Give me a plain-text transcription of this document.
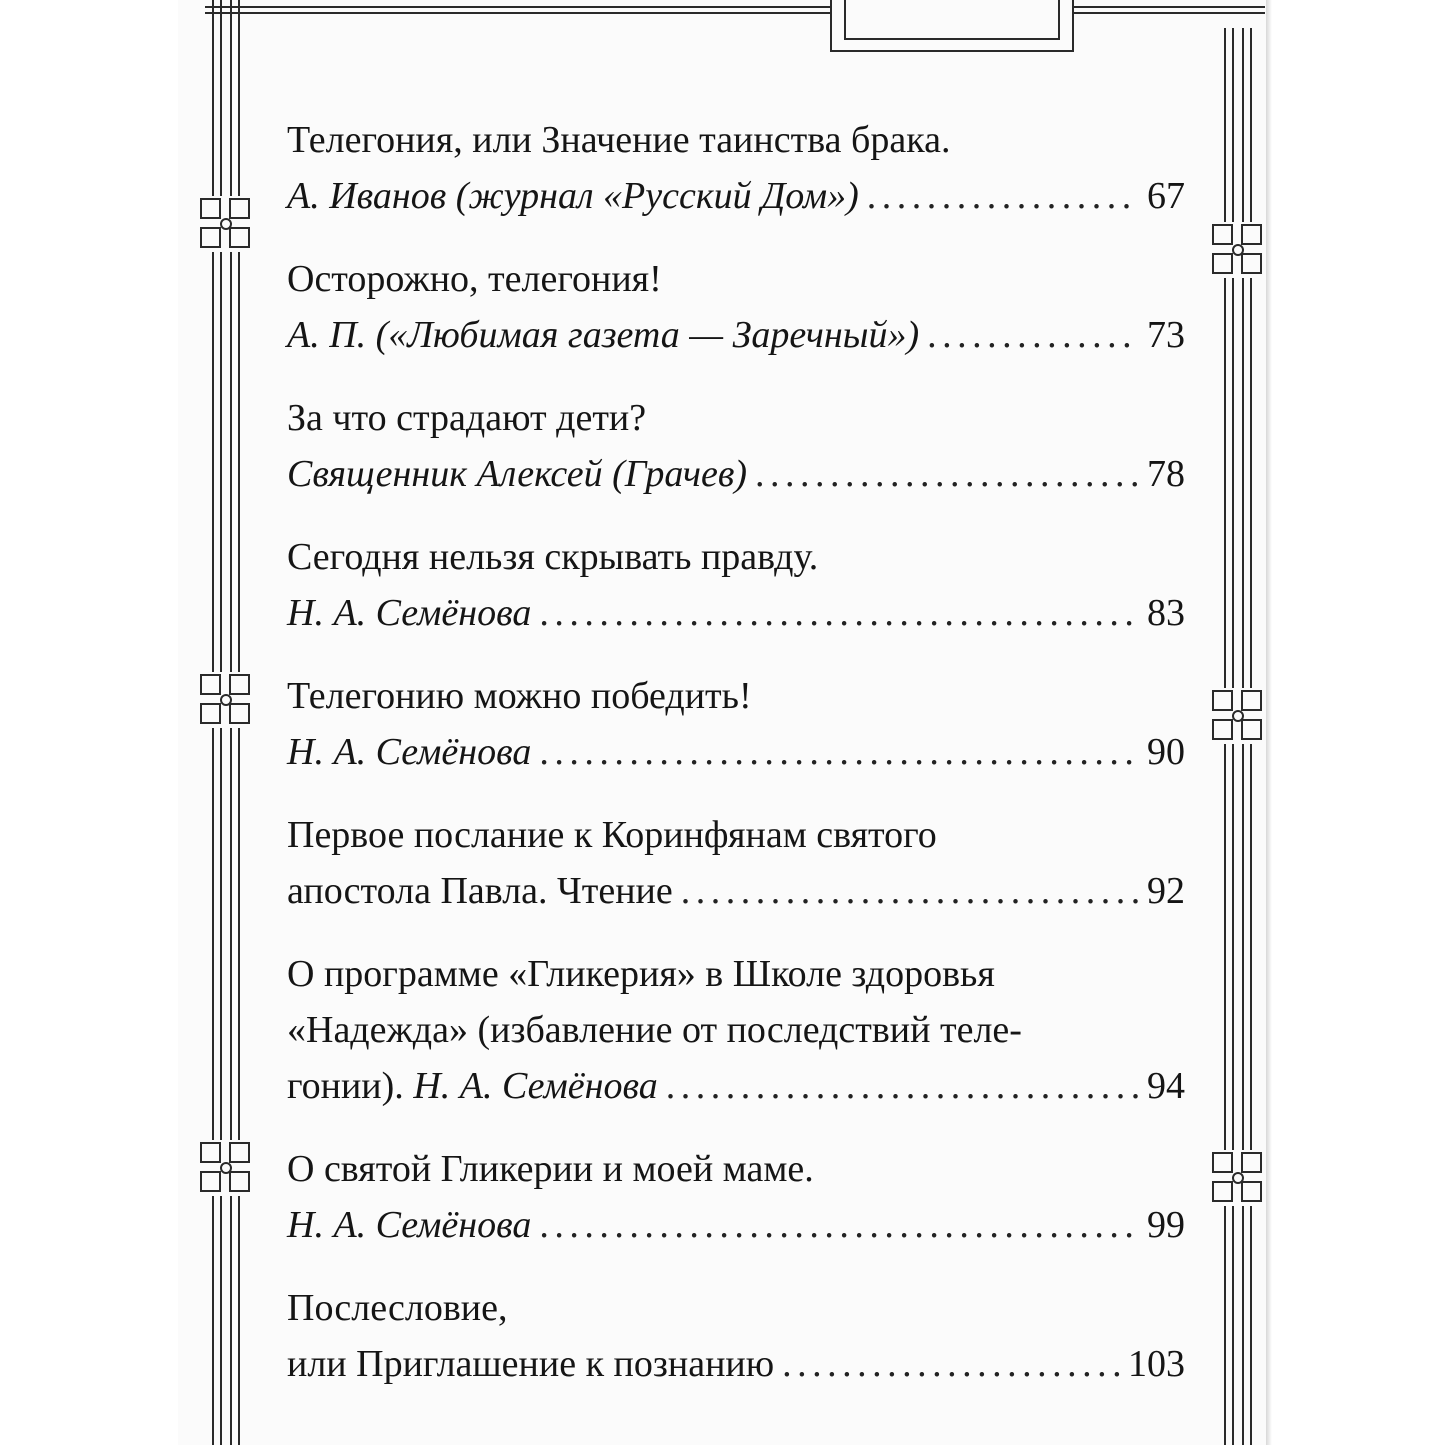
Телегония, или Значение таинства брака.
А. Иванов (журнал «Русский Дом») . . .	67
Осторожно, телегония!
А. П. («Любимая газета — Заречный») . . .	73
За что страдают дети?
Священник Алексей (Грачев) . . .	78
Сегодня нельзя скрывать правду.
Н. А. Семёнова . . .	83
Телегонию можно победить!
Н. А. Семёнова . . .	90
Первое послание к Коринфянам святого
апостола Павла. Чтение . . .	92
О программе «Гликерия» в Школе здоровья
«Надежда» (избавление от последствий теле-
гонии).
Н. А. Семёнова . . .	94
О святой Гликерии и моей маме.
Н. А. Семёнова . . .	99
Послесловие,
или Приглашение к познанию . . .	103
